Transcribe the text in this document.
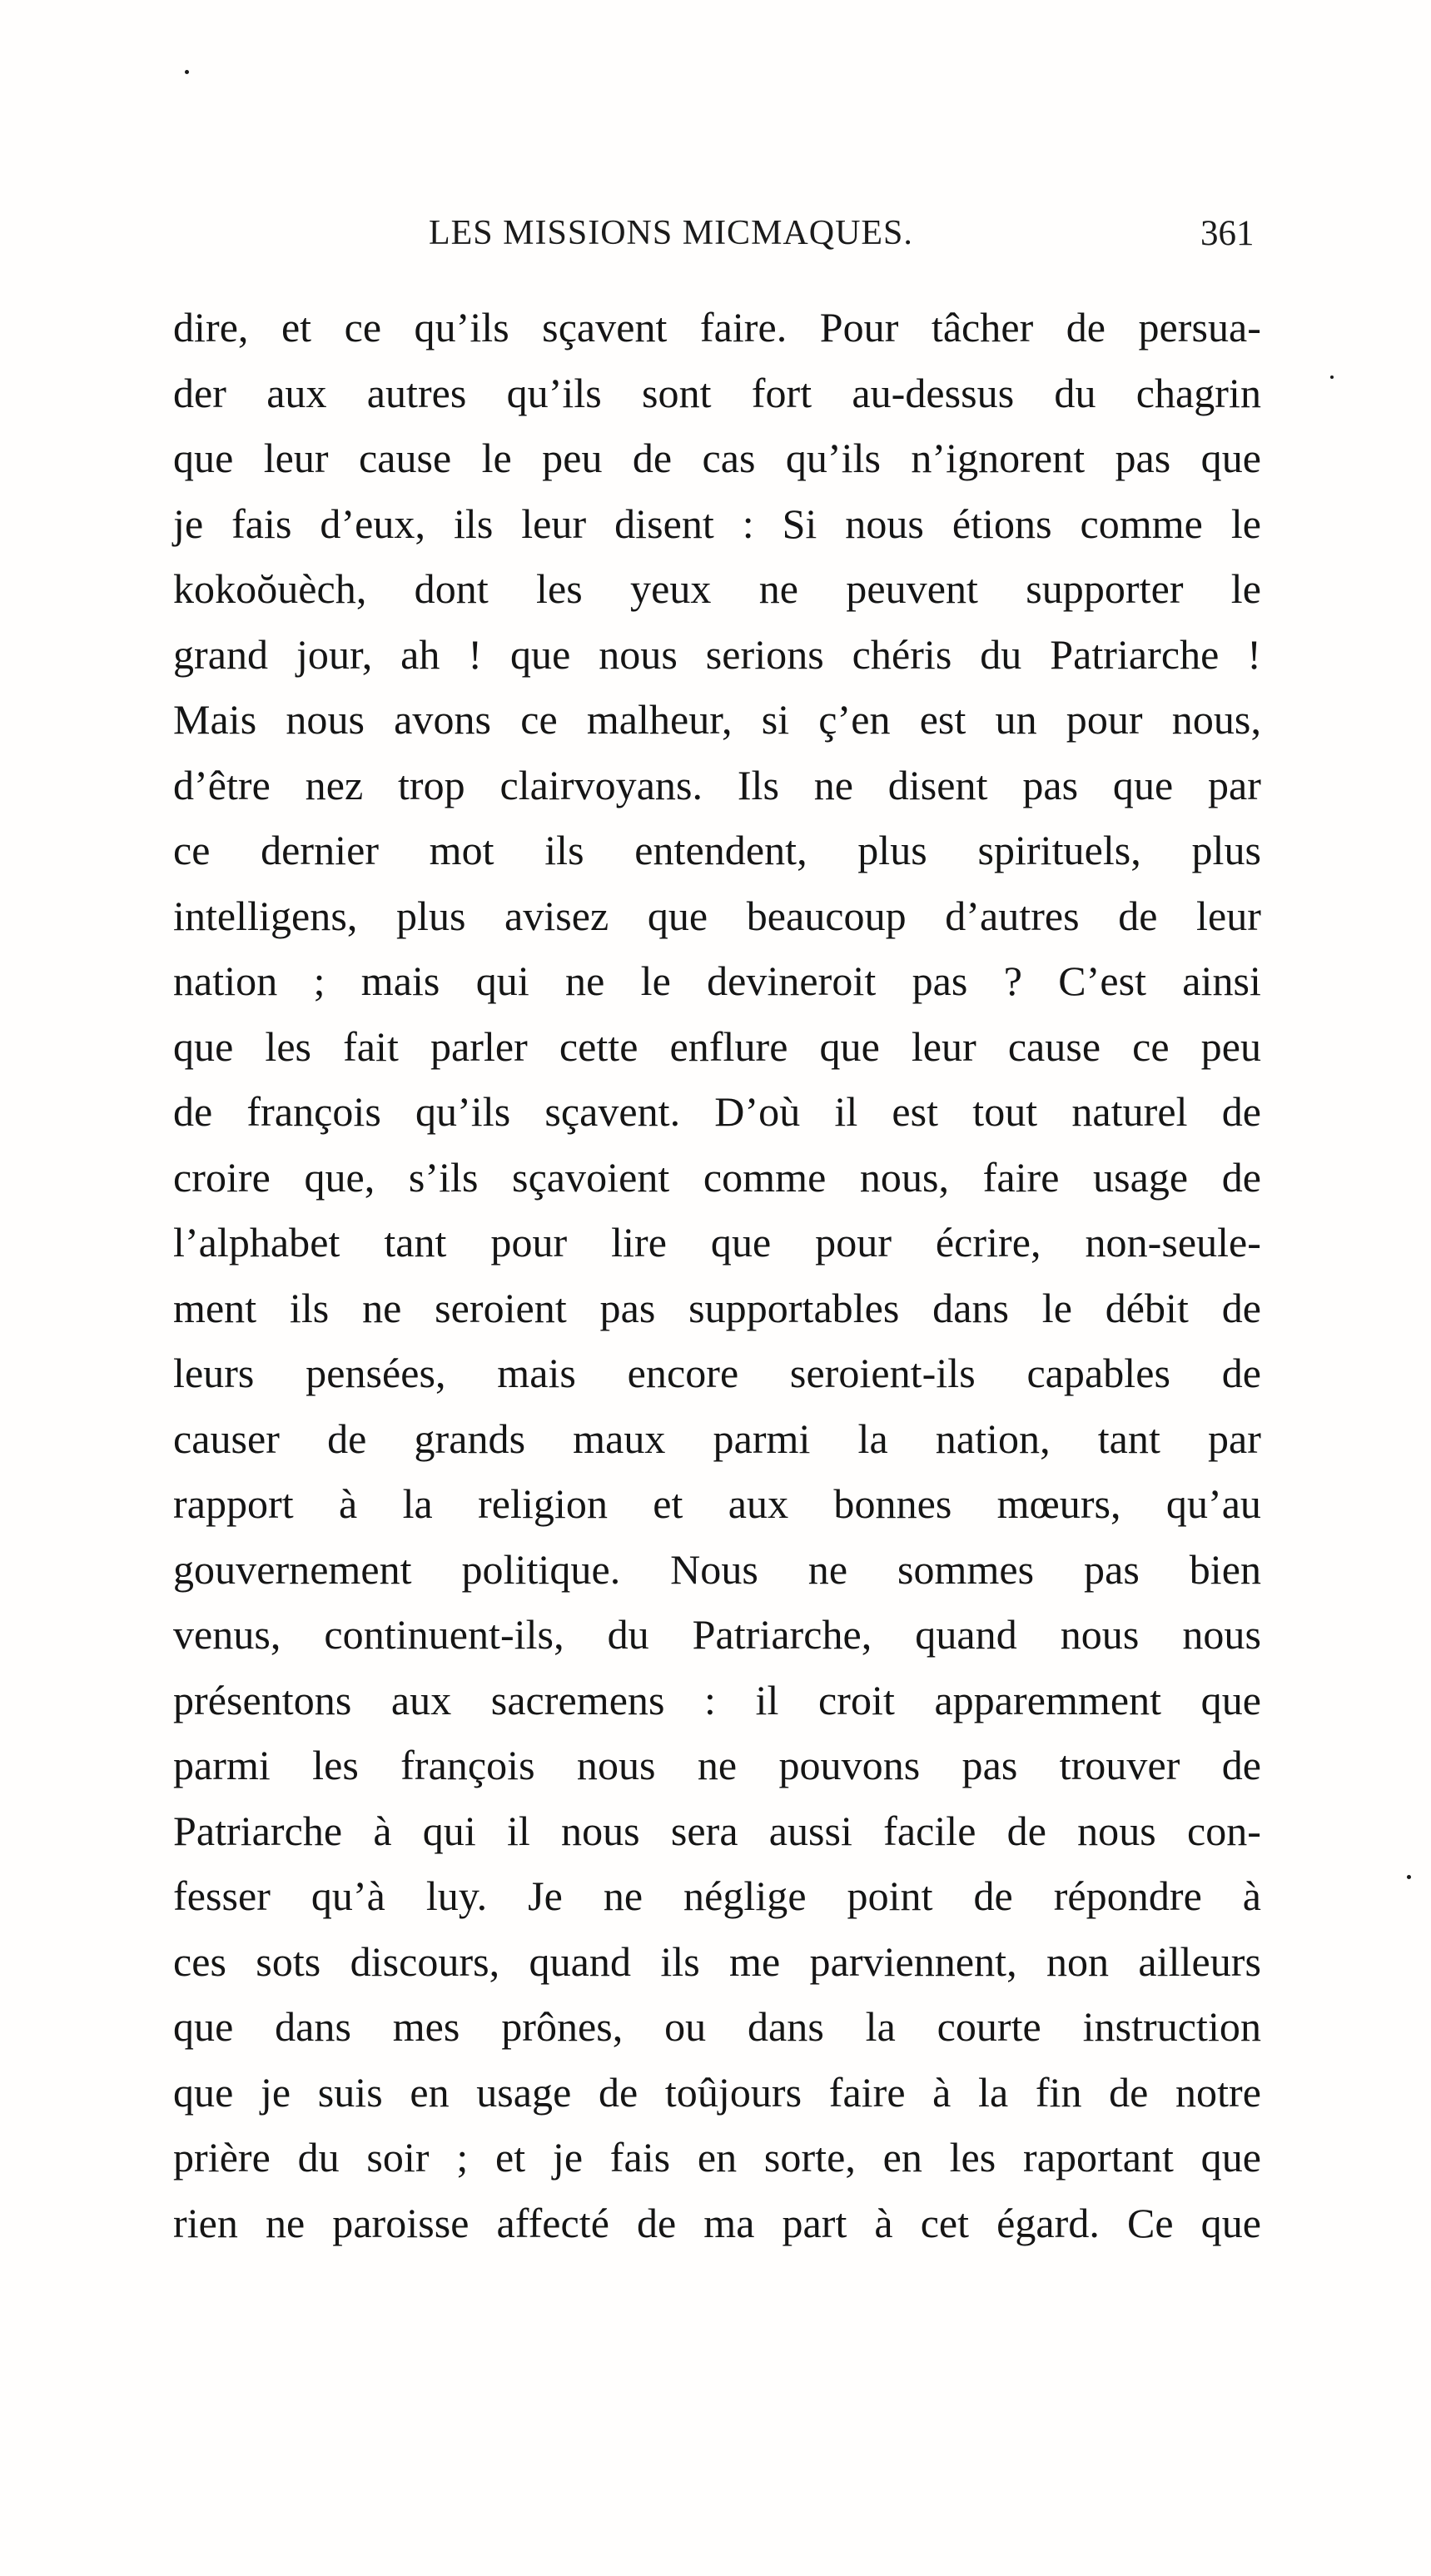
LES MISSIONS MICMAQUES.	361
dire, et ce qu’ils sçavent faire. Pour tâcher de persua-
der aux autres qu’ils sont fort au-dessus du chagrin
que leur cause le peu de cas qu’ils n’ignorent pas que
je fais d’eux, ils leur disent : Si nous étions comme le
kokoŏuèch, dont les yeux ne peuvent supporter le
grand jour, ah ! que nous serions chéris du Patriarche !
Mais nous avons ce malheur, si ç’en est un pour nous,
d’être nez trop clairvoyans. Ils ne disent pas que par
ce dernier mot ils entendent, plus spirituels, plus
intelligens, plus avisez que beaucoup d’autres de leur
nation ; mais qui ne le devineroit pas ? C’est ainsi
que les fait parler cette enflure que leur cause ce peu
de françois qu’ils sçavent. D’où il est tout naturel de
croire que, s’ils sçavoient comme nous, faire usage de
l’alphabet tant pour lire que pour écrire, non-seule-
ment ils ne seroient pas supportables dans le débit de
leurs pensées, mais encore seroient-ils capables de
causer de grands maux parmi la nation, tant par
rapport à la religion et aux bonnes mœurs, qu’au
gouvernement politique. Nous ne sommes pas bien
venus, continuent-ils, du Patriarche, quand nous nous
présentons aux sacremens : il croit apparemment que
parmi les françois nous ne pouvons pas trouver de
Patriarche à qui il nous sera aussi facile de nous con-
fesser qu’à luy. Je ne néglige point de répondre à
ces sots discours, quand ils me parviennent, non ailleurs
que dans mes prônes, ou dans la courte instruction
que je suis en usage de toûjours faire à la fin de notre
prière du soir ; et je fais en sorte, en les raportant que
rien ne paroisse affecté de ma part à cet égard. Ce que
